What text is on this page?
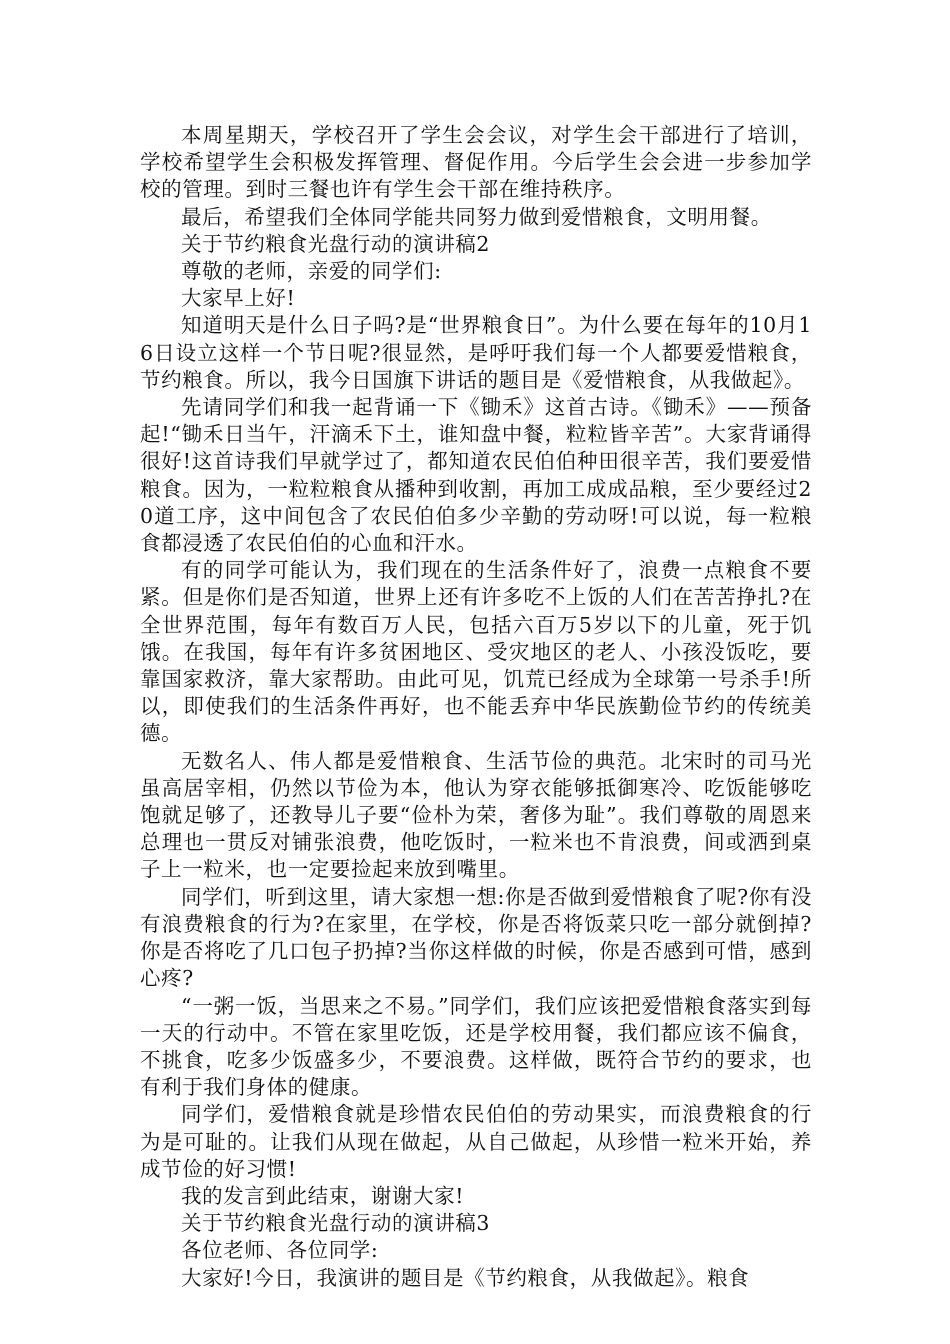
本周星期天，学校召开了学生会会议，对学生会干部进行了培训，学校希望学生会积极发挥管理、督促作用。今后学生会会进一步参加学校的管理。到时三餐也许有学生会干部在维持秩序。

最后，希望我们全体同学能共同努力做到爱惜粮食，文明用餐。

关于节约粮食光盘行动的演讲稿2

尊敬的老师，亲爱的同学们:

大家早上好!

知道明天是什么日子吗?是“世界粮食日”。为什么要在每年的10月16日设立这样一个节日呢?很显然，是呼吁我们每一个人都要爱惜粮食，节约粮食。所以，我今日国旗下讲话的题目是《爱惜粮食，从我做起》。

先请同学们和我一起背诵一下《锄禾》这首古诗。《锄禾》——预备起!“锄禾日当午，汗滴禾下土，谁知盘中餐，粒粒皆辛苦”。大家背诵得很好!这首诗我们早就学过了，都知道农民伯伯种田很辛苦，我们要爱惜粮食。因为，一粒粒粮食从播种到收割，再加工成成品粮，至少要经过20道工序，这中间包含了农民伯伯多少辛勤的劳动呀!可以说，每一粒粮食都浸透了农民伯伯的心血和汗水。

有的同学可能认为，我们现在的生活条件好了，浪费一点粮食不要紧。但是你们是否知道，世界上还有许多吃不上饭的人们在苦苦挣扎?在全世界范围，每年有数百万人民，包括六百万5岁以下的儿童，死于饥饿。在我国，每年有许多贫困地区、受灾地区的老人、小孩没饭吃，要靠国家救济，靠大家帮助。由此可见，饥荒已经成为全球第一号杀手!所以，即使我们的生活条件再好，也不能丢弃中华民族勤俭节约的传统美德。

无数名人、伟人都是爱惜粮食、生活节俭的典范。北宋时的司马光虽高居宰相，仍然以节俭为本，他认为穿衣能够抵御寒冷、吃饭能够吃饱就足够了，还教导儿子要“俭朴为荣，奢侈为耻”。我们尊敬的周恩来总理也一贯反对铺张浪费，他吃饭时，一粒米也不肯浪费，间或洒到桌子上一粒米，也一定要捡起来放到嘴里。

同学们，听到这里，请大家想一想:你是否做到爱惜粮食了呢?你有没有浪费粮食的行为?在家里，在学校，你是否将饭菜只吃一部分就倒掉?你是否将吃了几口包子扔掉?当你这样做的时候，你是否感到可惜，感到心疼?

“一粥一饭，当思来之不易。”同学们，我们应该把爱惜粮食落实到每一天的行动中。不管在家里吃饭，还是学校用餐，我们都应该不偏食，不挑食，吃多少饭盛多少，不要浪费。这样做，既符合节约的要求，也有利于我们身体的健康。

同学们，爱惜粮食就是珍惜农民伯伯的劳动果实，而浪费粮食的行为是可耻的。让我们从现在做起，从自己做起，从珍惜一粒米开始，养成节俭的好习惯!

我的发言到此结束，谢谢大家!

关于节约粮食光盘行动的演讲稿3

各位老师、各位同学:

大家好!今日，我演讲的题目是《节约粮食，从我做起》。粮食
